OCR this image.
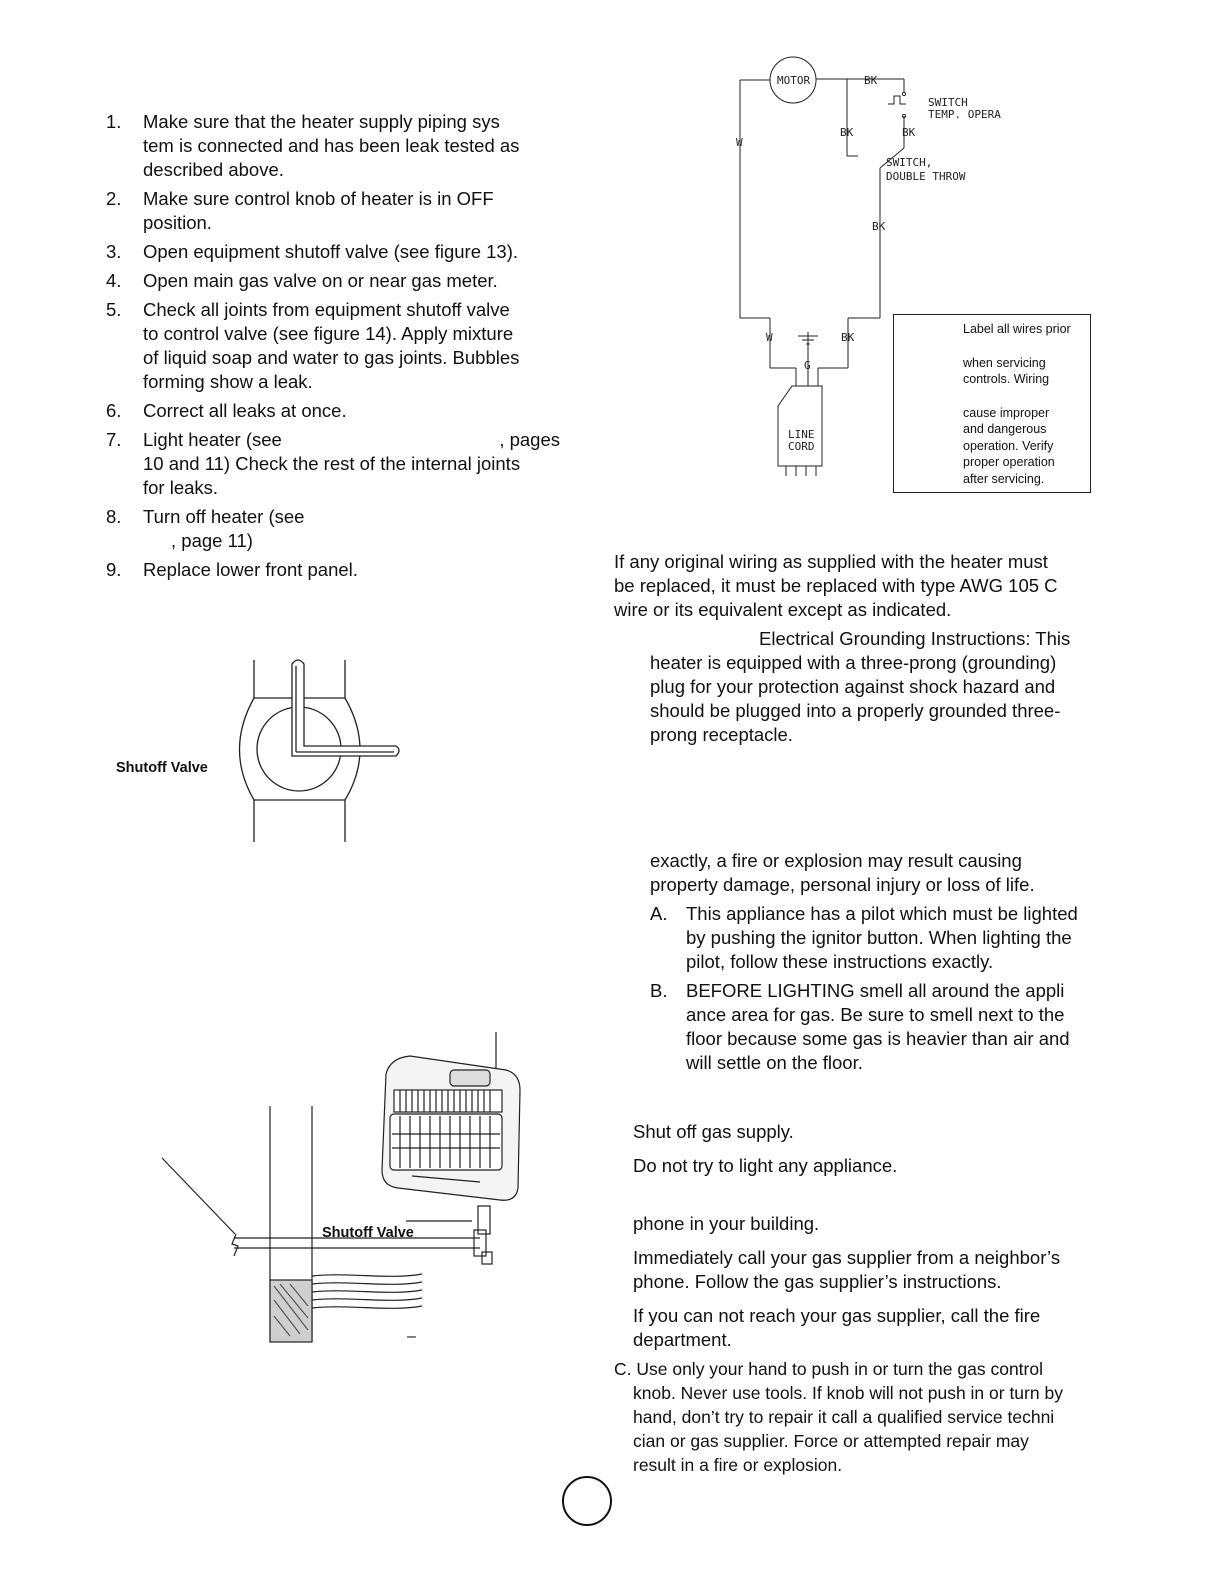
1. Make sure that the heater supply piping sys
tem is connected and has been leak tested as
described above.
2. Make sure control knob of heater is in OFF
position.
3. Open equipment shutoff valve (see figure 13).
4. Open main gas valve on or near gas meter.
5. Check all joints from equipment shutoff valve
to control valve (see figure 14). Apply mixture
of liquid soap and water to gas joints. Bubbles
forming show a leak.
6. Correct all leaks at once.
7. Light heater (see	, pages

10 and 11) Check the rest of the internal joints
for leaks.
8. Turn off heater (see
, page 11)
9. Replace lower front panel.
Shutoff Valve
Shutoff Valve
–
MOTOR	BK
BK	BK
BK
BK
W
W
G
SWITCH
TEMP. OPERA
SWITCH,
DOUBLE THROW
LINE
CORD
Label all wires prior
when servicing
controls. Wiring
cause improper
and dangerous
operation. Verify
proper operation
after servicing.
If any original wiring as supplied with the heater must
be replaced, it must be replaced with type AWG 105 C
wire or its equivalent except as indicated.
Electrical Grounding Instructions: This
heater is equipped with a three-prong (grounding)
plug for your protection against shock hazard and
should be plugged into a properly grounded three-
prong receptacle.
exactly, a fire or explosion may result causing
property damage, personal injury or loss of life.
A. This appliance has a pilot which must be lighted
by pushing the ignitor button. When lighting the
pilot, follow these instructions exactly.
B. BEFORE LIGHTING smell all around the appli
ance area for gas. Be sure to smell next to the
floor because some gas is heavier than air and
will settle on the floor.
Shut off gas supply.
Do not try to light any appliance.
phone in your building.
Immediately call your gas supplier from a neighbor’s
phone. Follow the gas supplier’s instructions.
If you can not reach your gas supplier, call the fire
department.
C. Use only your hand to push in or turn the gas control
knob. Never use tools. If knob will not push in or turn by
hand, don’t try to repair it call a qualified service techni
cian or gas supplier. Force or attempted repair may
result in a fire or explosion.
